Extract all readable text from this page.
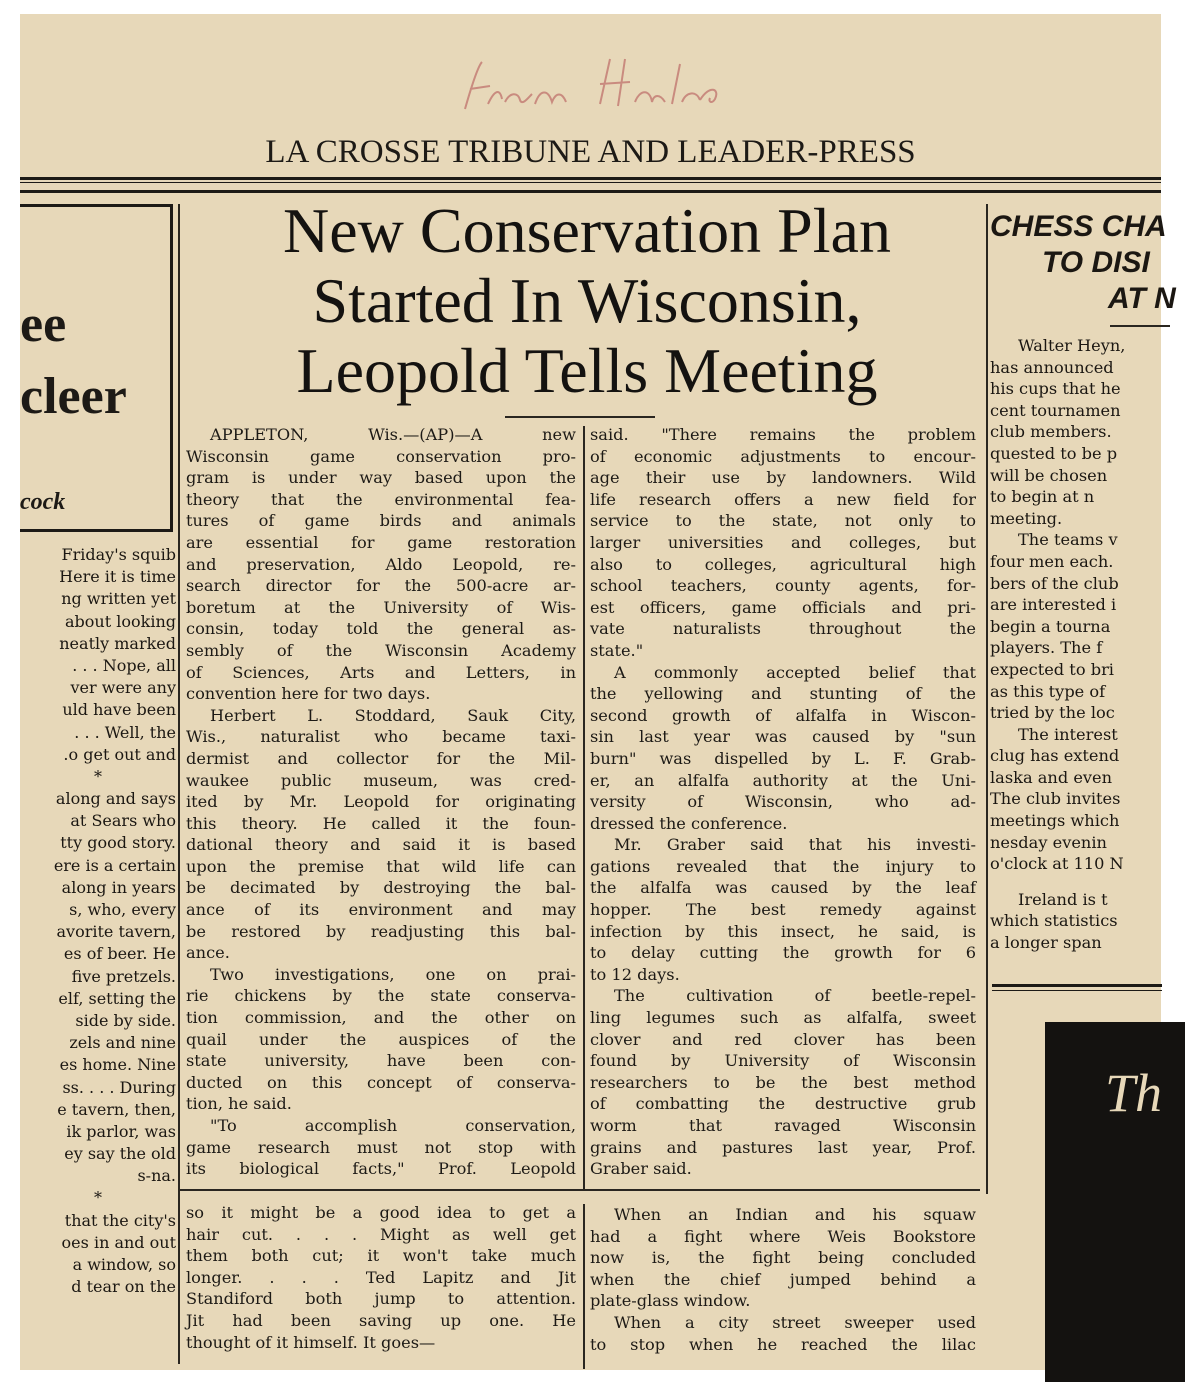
LA CROSSE TRIBUNE AND LEADER-PRESS
ee
cleer
cock
Friday's squib
Here it is time
ng written yet
about looking
neatly marked
. . . Nope, all
ver were any
uld have been
. . . Well, the
.o get out and
*
along and says
at Sears who
tty good story.
ere is a certain
along in years
s, who, every
avorite tavern,
es of beer. He
five pretzels.
elf, setting the
side by side.
zels and nine
es home. Nine
ss. . . . During
e tavern, then,
ik parlor, was
ey say the old
s-na.
*
that the city's
oes in and out
a window, so
d tear on the
New Conservation Plan
Started In Wisconsin,
Leopold Tells Meeting
APPLETON, Wis.—(AP)—A new
Wisconsin game conservation pro-
gram is under way based upon the
theory that the environmental fea-
tures of game birds and animals
are essential for game restoration
and preservation, Aldo Leopold, re-
search director for the 500-acre ar-
boretum at the University of Wis-
consin, today told the general as-
sembly of the Wisconsin Academy
of Sciences, Arts and Letters, in
convention here for two days.
Herbert L. Stoddard, Sauk City,
Wis., naturalist who became taxi-
dermist and collector for the Mil-
waukee public museum, was cred-
ited by Mr. Leopold for originating
this theory. He called it the foun-
dational theory and said it is based
upon the premise that wild life can
be decimated by destroying the bal-
ance of its environment and may
be restored by readjusting this bal-
ance.
Two investigations, one on prai-
rie chickens by the state conserva-
tion commission, and the other on
quail under the auspices of the
state university, have been con-
ducted on this concept of conserva-
tion, he said.
"To accomplish conservation,
game research must not stop with
its biological facts," Prof. Leopold
said. "There remains the problem
of economic adjustments to encour-
age their use by landowners. Wild
life research offers a new field for
service to the state, not only to
larger universities and colleges, but
also to colleges, agricultural high
school teachers, county agents, for-
est officers, game officials and pri-
vate naturalists throughout the
state."
A commonly accepted belief that
the yellowing and stunting of the
second growth of alfalfa in Wiscon-
sin last year was caused by "sun
burn" was dispelled by L. F. Grab-
er, an alfalfa authority at the Uni-
versity of Wisconsin, who ad-
dressed the conference.
Mr. Graber said that his investi-
gations revealed that the injury to
the alfalfa was caused by the leaf
hopper. The best remedy against
infection by this insect, he said, is
to delay cutting the growth for 6
to 12 days.
The cultivation of beetle-repel-
ling legumes such as alfalfa, sweet
clover and red clover has been
found by University of Wisconsin
researchers to be the best method
of combatting the destructive grub
worm that ravaged Wisconsin
grains and pastures last year, Prof.
Graber said.
so it might be a good idea to get a
hair cut. . . . Might as well get
them both cut; it won't take much
longer. . . . Ted Lapitz and Jit
Standiford both jump to attention.
Jit had been saving up one. He
thought of it himself. It goes—
When an Indian and his squaw
had a fight where Weis Bookstore
now is, the fight being concluded
when the chief jumped behind a
plate-glass window.
When a city street sweeper used
to stop when he reached the lilac
CHESS CHA
TO DISI
AT N
Walter Heyn,
has announced
his cups that he
cent tournamen
club members.
quested to be p
will be chosen
to begin at n
meeting.
The teams v
four men each.
bers of the club
are interested i
begin a tourna
players. The f
expected to bri
as this type of
tried by the loc
The interest
clug has extend
laska and even
The club invites
meetings which
nesday evenin
o'clock at 110 N
Ireland is t
which statistics
a longer span
Th
